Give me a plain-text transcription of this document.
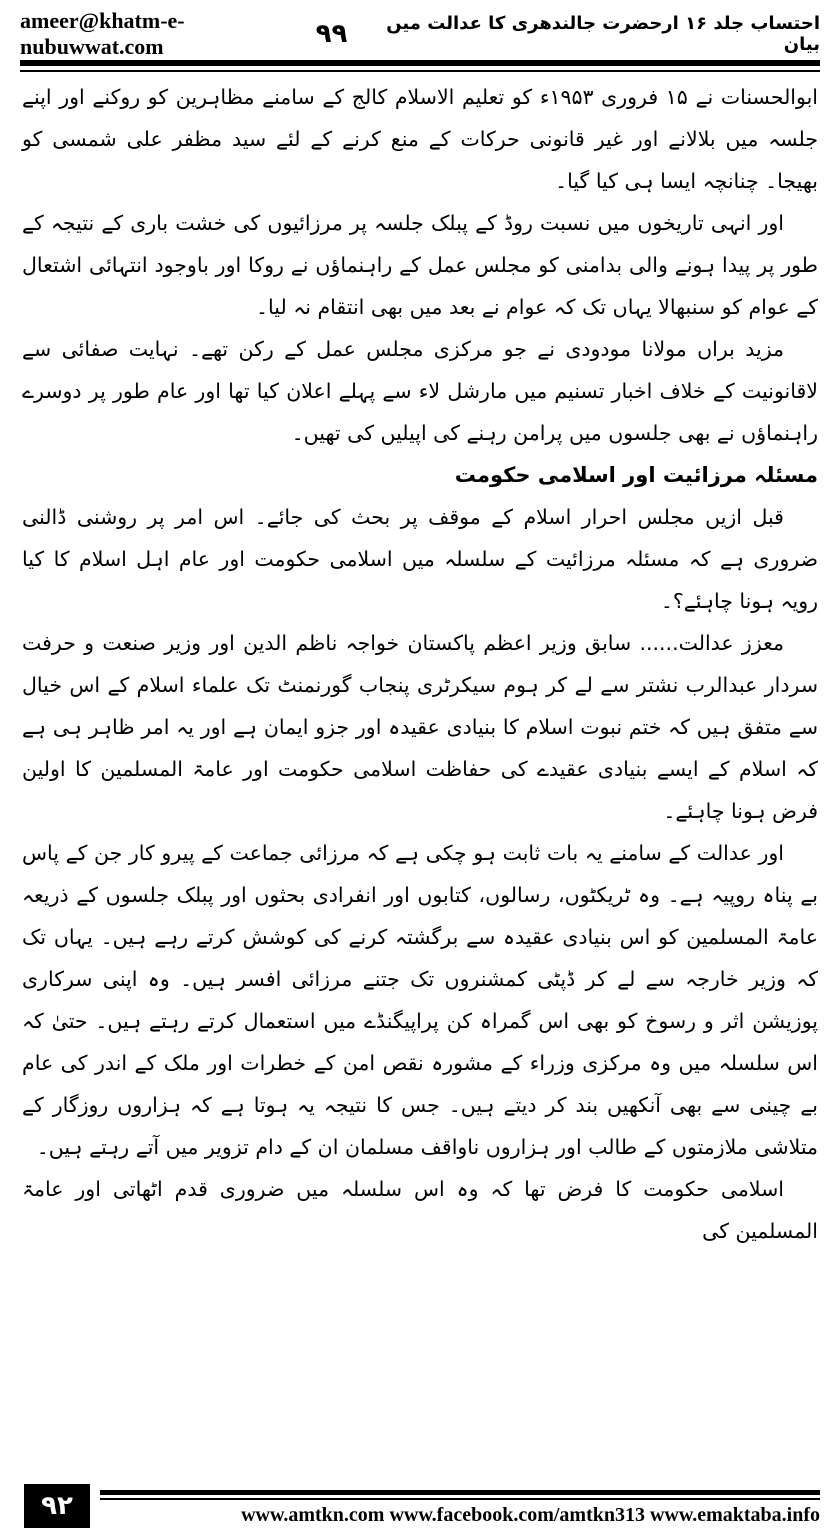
ameer@khatm-e-nubuwwat.com
احتساب جلد ۱۶ ارحضرت جالندھری کا عدالت میں بیان
۹۹

ابوالحسنات نے ۱۵ فروری ۱۹۵۳ء کو تعلیم الاسلام کالج کے سامنے مظاہرین کو روکنے اور اپنے جلسہ میں بلالانے اور غیر قانونی حرکات کے منع کرنے کے لئے سید مظفر علی شمسی کو بھیجا۔ چنانچہ ایسا ہی کیا گیا۔

اور انہی تاریخوں میں نسبت روڈ کے پبلک جلسہ پر مرزائیوں کی خشت باری کے نتیجہ کے طور پر پیدا ہونے والی بدامنی کو مجلس عمل کے راہنماؤں نے روکا اور باوجود انتہائی اشتعال کے عوام کو سنبھالا یہاں تک کہ عوام نے بعد میں بھی انتقام نہ لیا۔

مزید براں مولانا مودودی نے جو مرکزی مجلس عمل کے رکن تھے۔ نہایت صفائی سے لاقانونیت کے خلاف اخبار تسنیم میں مارشل لاء سے پہلے اعلان کیا تھا اور عام طور پر دوسرے راہنماؤں نے بھی جلسوں میں پرامن رہنے کی اپیلیں کی تھیں۔

مسئلہ مرزائیت اور اسلامی حکومت

قبل ازیں مجلس احرار اسلام کے موقف پر بحث کی جائے۔ اس امر پر روشنی ڈالنی ضروری ہے کہ مسئلہ مرزائیت کے سلسلہ میں اسلامی حکومت اور عام اہل اسلام کا کیا رویہ ہونا چاہئے؟۔

معزز عدالت...... سابق وزیر اعظم پاکستان خواجہ ناظم الدین اور وزیر صنعت و حرفت سردار عبدالرب نشتر سے لے کر ہوم سیکرٹری پنجاب گورنمنٹ تک علماء اسلام کے اس خیال سے متفق ہیں کہ ختم نبوت اسلام کا بنیادی عقیدہ اور جزو ایمان ہے اور یہ امر ظاہر ہی ہے کہ اسلام کے ایسے بنیادی عقیدے کی حفاظت اسلامی حکومت اور عامۃ المسلمین کا اولین فرض ہونا چاہئے۔

اور عدالت کے سامنے یہ بات ثابت ہو چکی ہے کہ مرزائی جماعت کے پیرو کار جن کے پاس بے پناہ روپیہ ہے۔ وہ ٹریکٹوں، رسالوں، کتابوں اور انفرادی بحثوں اور پبلک جلسوں کے ذریعہ عامۃ المسلمین کو اس بنیادی عقیدہ سے برگشتہ کرنے کی کوشش کرتے رہے ہیں۔ یہاں تک کہ وزیر خارجہ سے لے کر ڈپٹی کمشنروں تک جتنے مرزائی افسر ہیں۔ وہ اپنی سرکاری پوزیشن اثر و رسوخ کو بھی اس گمراہ کن پراپیگنڈے میں استعمال کرتے رہتے ہیں۔ حتیٰ کہ اس سلسلہ میں وہ مرکزی وزراء کے مشورہ نقص امن کے خطرات اور ملک کے اندر کی عام بے چینی سے بھی آنکھیں بند کر دیتے ہیں۔ جس کا نتیجہ یہ ہوتا ہے کہ ہزاروں روزگار کے متلاشی ملازمتوں کے طالب اور ہزاروں ناواقف مسلمان ان کے دام تزویر میں آتے رہتے ہیں۔

اسلامی حکومت کا فرض تھا کہ وہ اس سلسلہ میں ضروری قدم اٹھاتی اور عامۃ المسلمین کی

۹۲	www.amtkn.com www.facebook.com/amtkn313 www.emaktaba.info
